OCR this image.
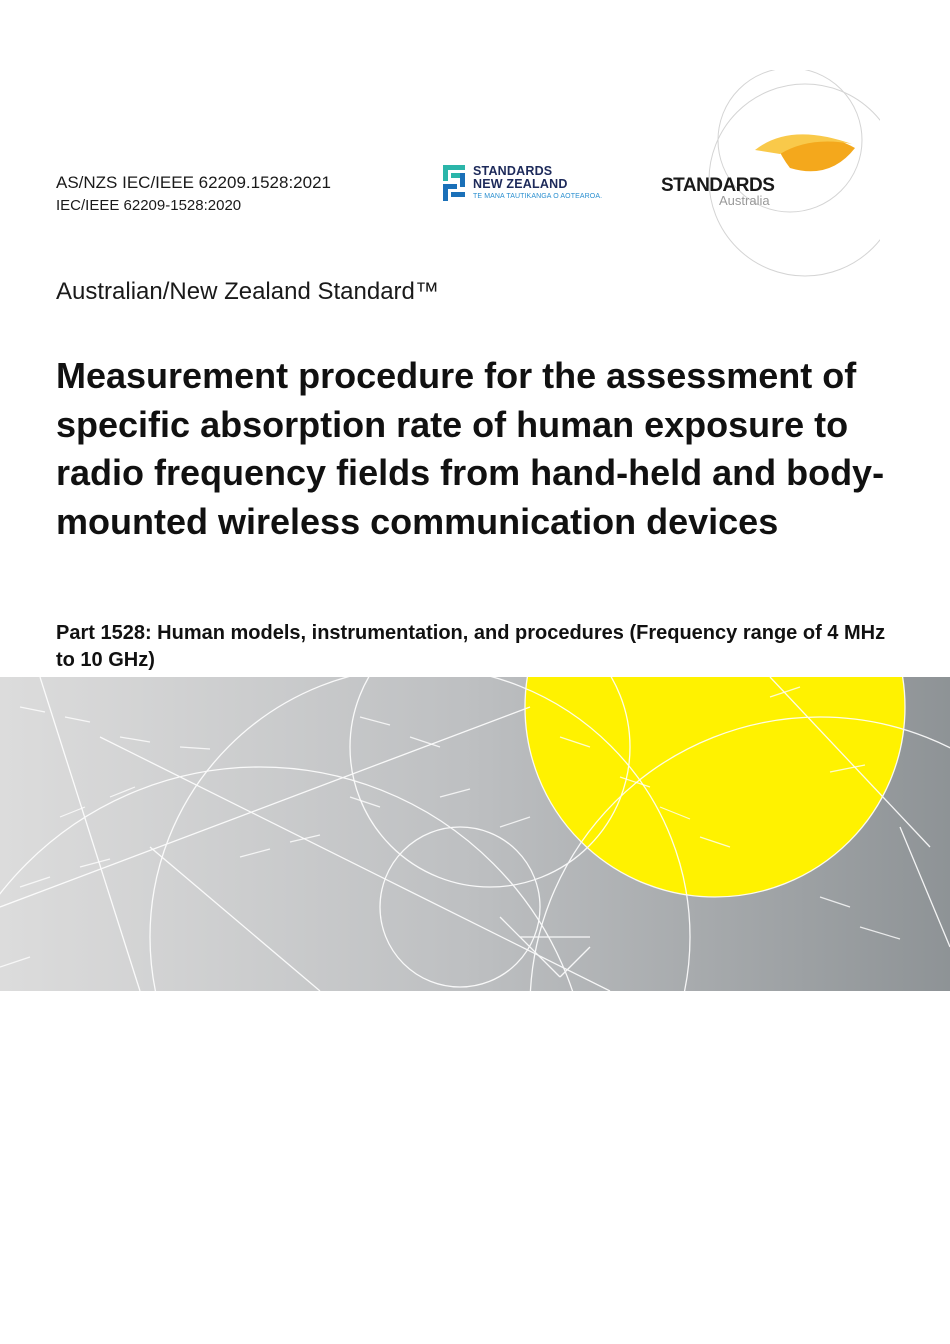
AS/NZS IEC/IEEE 62209.1528:2021
IEC/IEEE 62209-1528:2020
STANDARDS
NEW ZEALAND
TE MANA TAUTIKANGA O AOTEAROA.
STANDARDS
Australia
Australian/New Zealand Standard™
Measurement procedure for the assessment of specific absorption rate of human exposure to radio frequency fields from hand-held and body-mounted wireless communication devices
Part 1528: Human models, instrumentation, and procedures (Frequency range of 4 MHz to 10 GHz)
